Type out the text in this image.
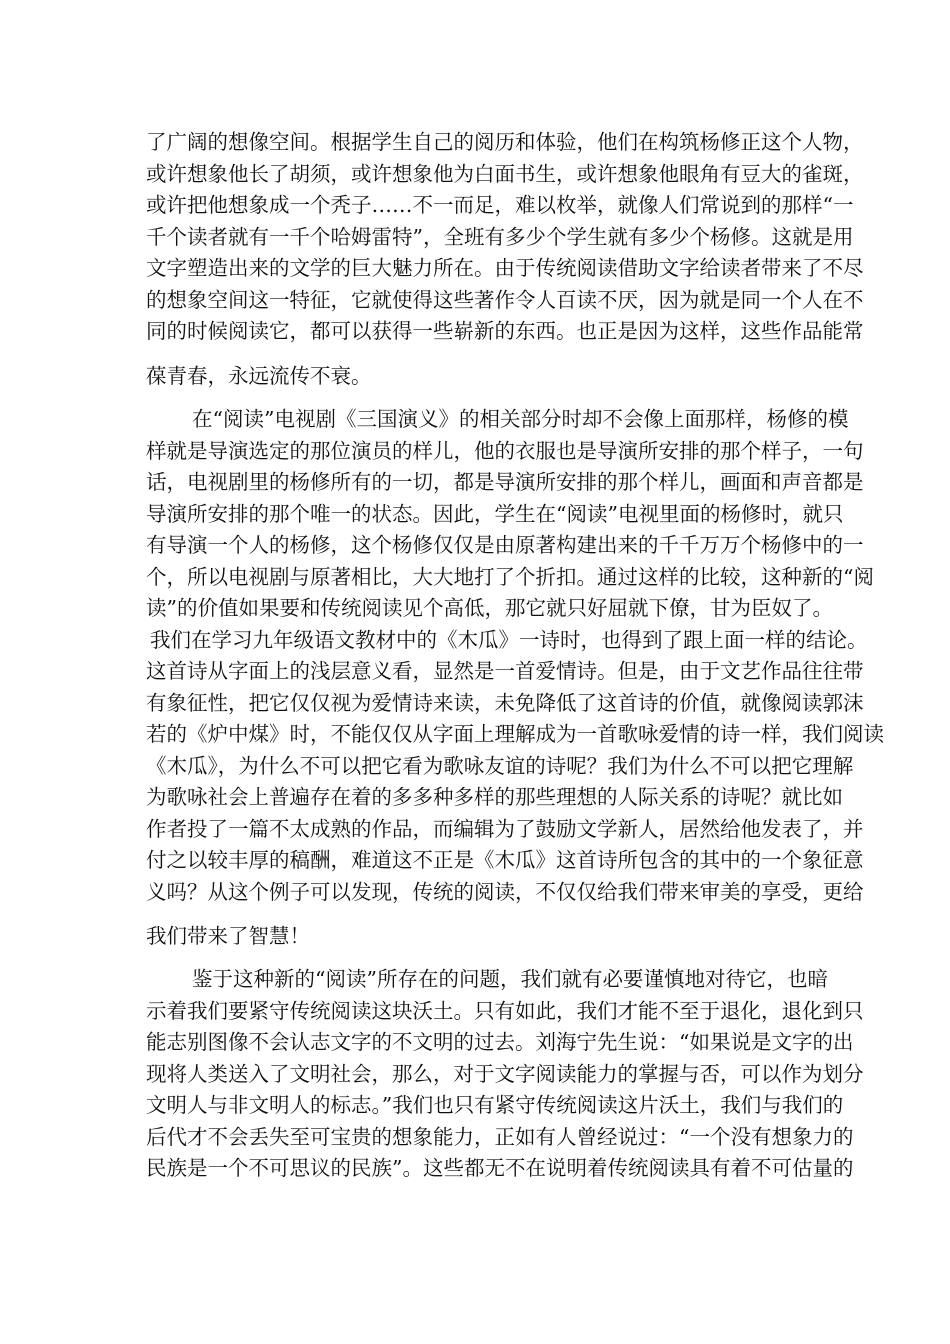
了广阔的想像空间。根据学生自己的阅历和体验，他们在构筑杨修正这个人物，
或许想象他长了胡须，或许想象他为白面书生，或许想象他眼角有豆大的雀斑，
或许把他想象成一个秃子……不一而足，难以枚举，就像人们常说到的那样“一
千个读者就有一千个哈姆雷特”，全班有多少个学生就有多少个杨修。这就是用
文字塑造出来的文学的巨大魅力所在。由于传统阅读借助文字给读者带来了不尽
的想象空间这一特征，它就使得这些著作令人百读不厌，因为就是同一个人在不
同的时候阅读它，都可以获得一些崭新的东西。也正是因为这样，这些作品能常
葆青春，永远流传不衰。
在“阅读”电视剧《三国演义》的相关部分时却不会像上面那样，杨修的模
样就是导演选定的那位演员的样儿，他的衣服也是导演所安排的那个样子，一句
话，电视剧里的杨修所有的一切，都是导演所安排的那个样儿，画面和声音都是
导演所安排的那个唯一的状态。因此，学生在“阅读”电视里面的杨修时，就只
有导演一个人的杨修，这个杨修仅仅是由原著构建出来的千千万万个杨修中的一
个，所以电视剧与原著相比，大大地打了个折扣。通过这样的比较，这种新的“阅
读”的价值如果要和传统阅读见个高低，那它就只好屈就下僚，甘为臣奴了。
我们在学习九年级语文教材中的《木瓜》一诗时，也得到了跟上面一样的结论。
这首诗从字面上的浅层意义看，显然是一首爱情诗。但是，由于文艺作品往往带
有象征性，把它仅仅视为爱情诗来读，未免降低了这首诗的价值，就像阅读郭沫
若的《炉中煤》时，不能仅仅从字面上理解成为一首歌咏爱情的诗一样，我们阅读
《木瓜》，为什么不可以把它看为歌咏友谊的诗呢？我们为什么不可以把它理解
为歌咏社会上普遍存在着的多多种多样的那些理想的人际关系的诗呢？就比如
作者投了一篇不太成熟的作品，而编辑为了鼓励文学新人，居然给他发表了，并
付之以较丰厚的稿酬，难道这不正是《木瓜》这首诗所包含的其中的一个象征意
义吗？从这个例子可以发现，传统的阅读，不仅仅给我们带来审美的享受，更给
我们带来了智慧！
鉴于这种新的“阅读”所存在的问题，我们就有必要谨慎地对待它，也暗
示着我们要紧守传统阅读这块沃土。只有如此，我们才能不至于退化，退化到只
能志别图像不会认志文字的不文明的过去。刘海宁先生说：“如果说是文字的出
现将人类送入了文明社会，那么，对于文字阅读能力的掌握与否，可以作为划分
文明人与非文明人的标志。”我们也只有紧守传统阅读这片沃土，我们与我们的
后代才不会丢失至可宝贵的想象能力，正如有人曾经说过：“一个没有想象力的
民族是一个不可思议的民族”。这些都无不在说明着传统阅读具有着不可估量的
